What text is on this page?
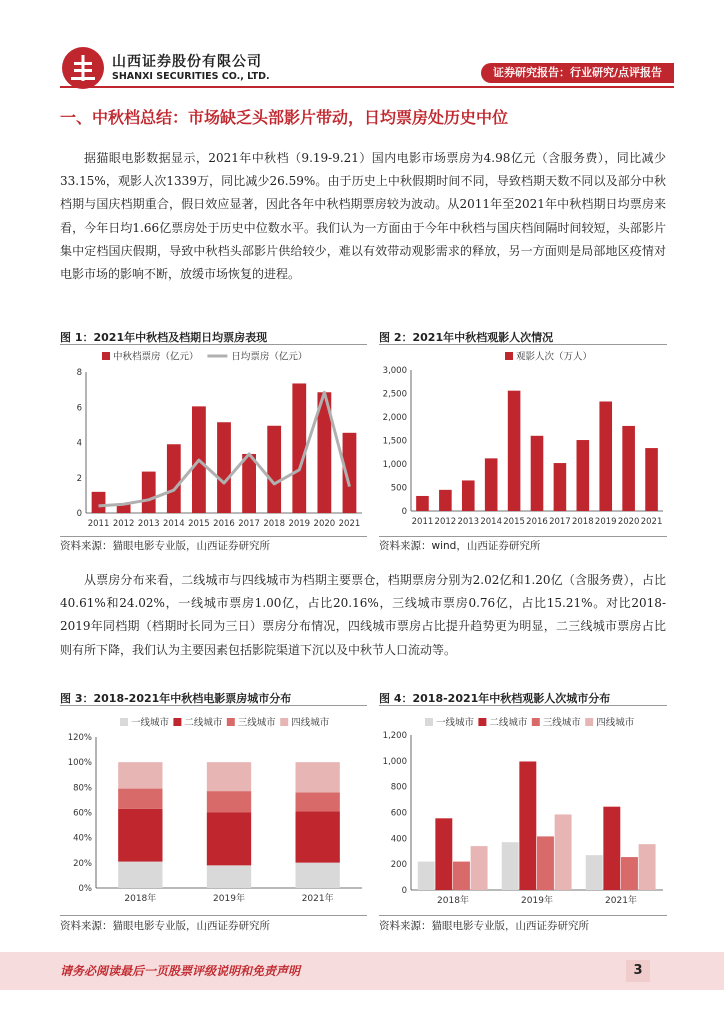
山西证券股份有限公司
SHANXI SECURITIES CO., LTD.	证券研究报告：行业研究/点评报告
一、中秋档总结：市场缺乏头部影片带动，日均票房处历史中位
据猫眼电影数据显示，2021年中秋档（9.19-9.21）国内电影市场票房为4.98亿元（含服务费），同比减少33.15%，观影人次1339万，同比减少26.59%。由于历史上中秋假期时间不同，导致档期天数不同以及部分中秋档期与国庆档期重合，假日效应显著，因此各年中秋档期票房较为波动。从2011年至2021年中秋档期日均票房来看，今年日均1.66亿票房处于历史中位数水平。我们认为一方面由于今年中秋档与国庆档间隔时间较短，头部影片集中定档国庆假期，导致中秋档头部影片供给较少，难以有效带动观影需求的释放，另一方面则是局部地区疫情对电影市场的影响不断，放缓市场恢复的进程。
图 1：2021年中秋档及档期日均票房表现
中秋档票房（亿元）	日均票房（亿元）
0
2
4
6
8
2011 2012 2013 2014 2015 2016 2017 2018 2019 2020 2021
资料来源：猫眼电影专业版，山西证券研究所
图 2：2021年中秋档观影人次情况
观影人次（万人）
0
500
1,000
1,500
2,000
2,500
3,000
2011 2012 2013 2014 2015 2016 2017 2018 2019 2020 2021
资料来源：wind，山西证券研究所
从票房分布来看，二线城市与四线城市为档期主要票仓，档期票房分别为2.02亿和1.20亿（含服务费），占比40.61%和24.02%，一线城市票房1.00亿，占比20.16%，三线城市票房0.76亿，占比15.21%。对比2018-2019年同档期（档期时长同为三日）票房分布情况，四线城市票房占比提升趋势更为明显，二三线城市票房占比则有所下降，我们认为主要因素包括影院渠道下沉以及中秋节人口流动等。
图 3：2018-2021年中秋档电影票房城市分布
一线城市 二线城市 三线城市 四线城市
0%
20%
40%
60%
80%
100%
120%
2018年	2019年	2021年
资料来源：猫眼电影专业版，山西证券研究所
图 4：2018-2021年中秋档观影人次城市分布
一线城市 二线城市 三线城市 四线城市
0
200
400
600
800
1,000
1,200
2018年	2019年	2021年
资料来源：猫眼电影专业版，山西证券研究所
请务必阅读最后一页股票评级说明和免责声明	3
